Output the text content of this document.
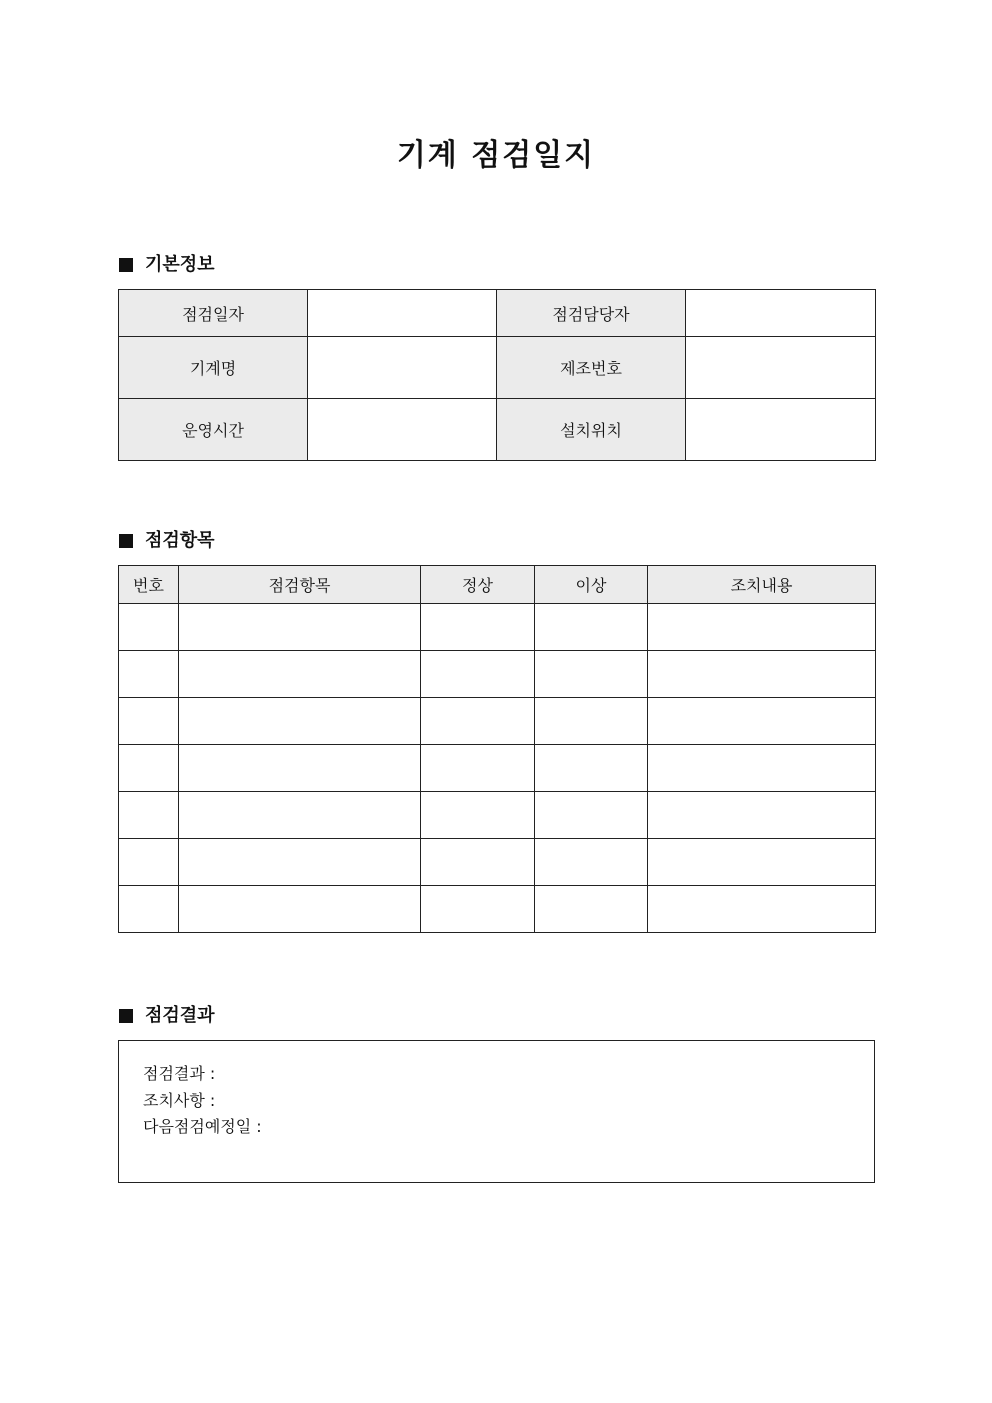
기계 점검일지
기본정보
점검일자		점검담당자	
기계명		제조번호	
운영시간		설치위치	
점검항목
번호	점검항목	정상	이상	조치내용

점검결과
점검결과 :
조치사항 :
다음점검예정일 :
